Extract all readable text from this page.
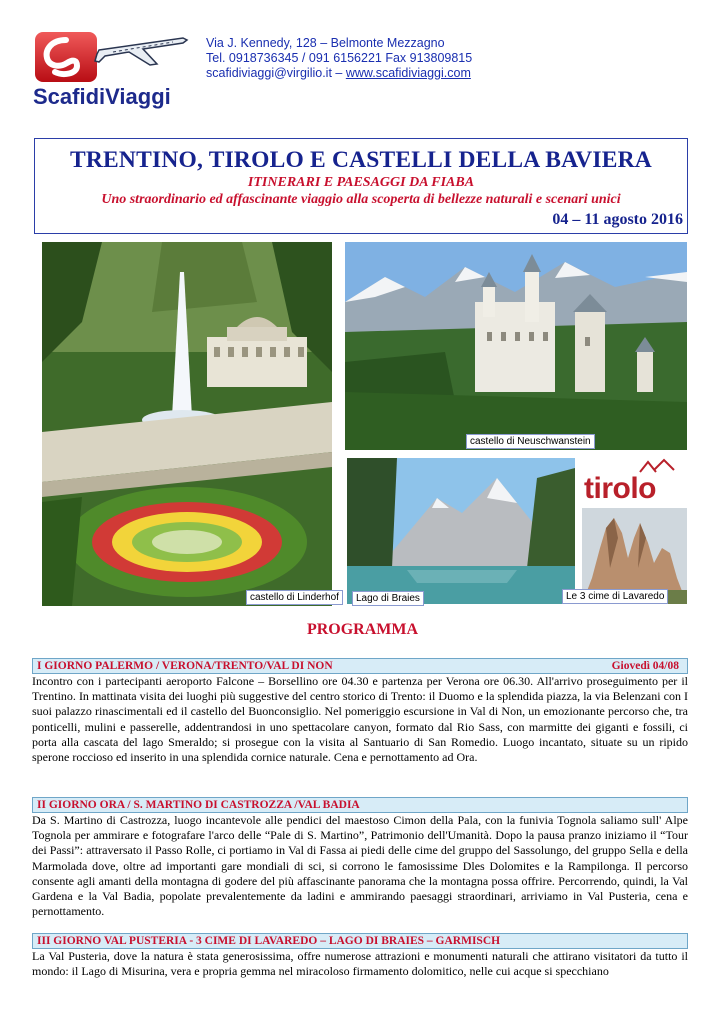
ScafidiViaggi
Via J. Kennedy, 128 – Belmonte Mezzagno
Tel. 0918736345 / 091 6156221 Fax 913809815
scafidiviaggi@virgilio.it – www.scafidiviaggi.com
TRENTINO, TIROLO E CASTELLI DELLA BAVIERA
ITINERARI E PAESAGGI DA FIABA
Uno straordinario ed affascinante viaggio alla scoperta di bellezze naturali e scenari unici
04 – 11 agosto 2016
castello di Linderhof
castello di Neuschwanstein
Lago di Braies
tirolo
Le 3 cime di Lavaredo
PROGRAMMA
I GIORNO PALERMO / VERONA/TRENTO/VAL DI NON	Giovedì 04/08

Incontro con i partecipanti aeroporto Falcone – Borsellino ore 04.30 e partenza per Verona ore 06.30. All'arrivo proseguimento per il Trentino. In mattinata visita dei luoghi più suggestive del centro storico di Trento: il Duomo e la splendida piazza, la via Belenzani con I suoi palazzo rinascimentali ed il castello del Buonconsiglio. Nel pomeriggio escursione in Val di Non, un emozionante percorso che, tra ponticelli, mulini e passerelle, addentrandosi in uno spettacolare canyon, formato dal Rio Sass, con marmitte dei giganti e fossili, ci porta alla cascata del lago Smeraldo; si prosegue con la visita al Santuario di San Romedio. Luogo incantato, situate su un ripido sperone roccioso ed inserito in una splendida cornice naturale. Cena e pernottamento ad Ora.

II GIORNO ORA / S. MARTINO DI CASTROZZA /VAL BADIA

Da S. Martino di Castrozza, luogo incantevole alle pendici del maestoso Cimon della Pala, con la funivia Tognola saliamo sull' Alpe Tognola per ammirare e fotografare l'arco delle “Pale di S. Martino”, Patrimonio dell'Umanità. Dopo la pausa pranzo iniziamo il “Tour dei Passi”: attraversato il Passo Rolle, ci portiamo in Val di Fassa ai piedi delle cime del gruppo del Sassolungo, del gruppo Sella e della Marmolada dove, oltre ad importanti gare mondiali di sci, si corrono le famosissime Dles Dolomites e la Rampilonga. Il percorso consente agli amanti della montagna di godere del più affascinante panorama che la montagna possa offrire. Percorrendo, quindi, la Val Gardena e la Val Badia, popolate prevalentemente da ladini e ammirando paesaggi straordinari, arriviamo in Val Pusteria, cena e pernottamento.

III GIORNO VAL PUSTERIA - 3 CIME DI LAVAREDO – LAGO DI BRAIES – GARMISCH

La Val Pusteria, dove la natura è stata generosissima, offre numerose attrazioni e monumenti naturali che attirano visitatori da tutto il mondo: il Lago di Misurina, vera e propria gemma nel miracoloso firmamento dolomitico, nelle cui acque si specchiano
